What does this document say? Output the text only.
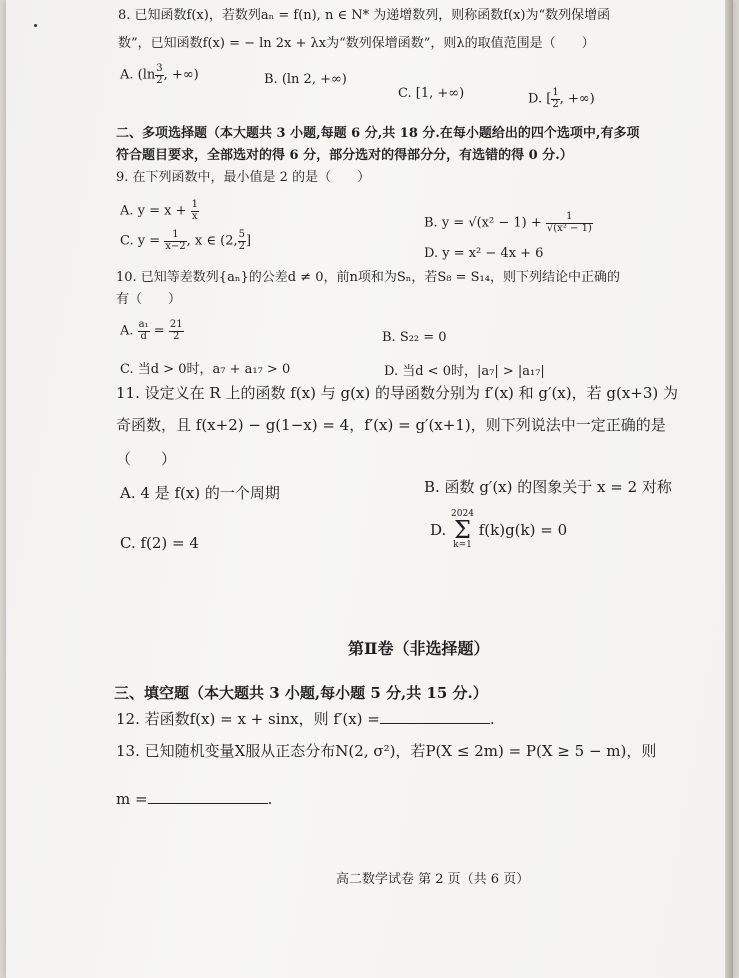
8. 已知函数f(x)，若数列aₙ = f(n), n ∈ N* 为递增数列，则称函数f(x)为“数列保增函
数”，已知函数f(x) = − ln 2x + λx为“数列保增函数”，则λ的取值范围是（　　）
A. ($\ln \frac{3}{2}$ , +∞)	B. (ln 2, +∞)
C. [1, +∞)	D. [ $\frac{1}{2}$ , +∞)
二、多项选择题（本大题共 3 小题,每题 6 分,共 18 分.在每小题给出的四个选项中,有多项
符合题目要求，全部选对的得 6 分，部分选对的得部分分，有选错的得 0 分.）
9. 在下列函数中，最小值是 2 的是（　　）
A. $y = x + \frac{1}{x}$
B. $y = √(x^2 - 1) + \frac{1}{\text{√(x² − 1)}}$
C. $y = \frac{1}{x-2}$ , x ∈ (2, $\frac{5}{2}$ ]
D. y = x² − 4x + 6
10. 已知等差数列{aₙ}的公差d ≠ 0，前n项和为Sₙ，若S₈ = S₁₄，则下列结论中正确的
有（　　）
A. $\frac{\text{a₁}}{d} = \frac{21}{2}$	B. S₂₂ = 0
C. 当d > 0时，a₇ + a₁₇ > 0	D. 当d < 0时，|a₇| > |a₁₇|
11. 设定义在 R 上的函数 f(x) 与 g(x) 的导函数分别为 f′(x) 和 g′(x)，若 g(x+3) 为
奇函数，且 f(x+2) − g(1−x) = 4，f′(x) = g′(x+1)，则下列说法中一定正确的是
（　　）
A. 4 是 f(x) 的一个周期	B. 函数 g′(x) 的图象关于 x = 2 对称
C. f(2) = 4
D.
2024
Σ
k=1
f(k)g(k) = 0
第Ⅱ卷（非选择题）
三、填空题（本大题共 3 小题,每小题 5 分,共 15 分.）
12. 若函数f(x) = x + sinx，则 f′(x) =	.
13. 已知随机变量X服从正态分布N(2, σ²)，若P(X ≤ 2m) = P(X ≥ 5 − m)，则
m =	.
高二数学试卷 第 2 页（共 6 页）
